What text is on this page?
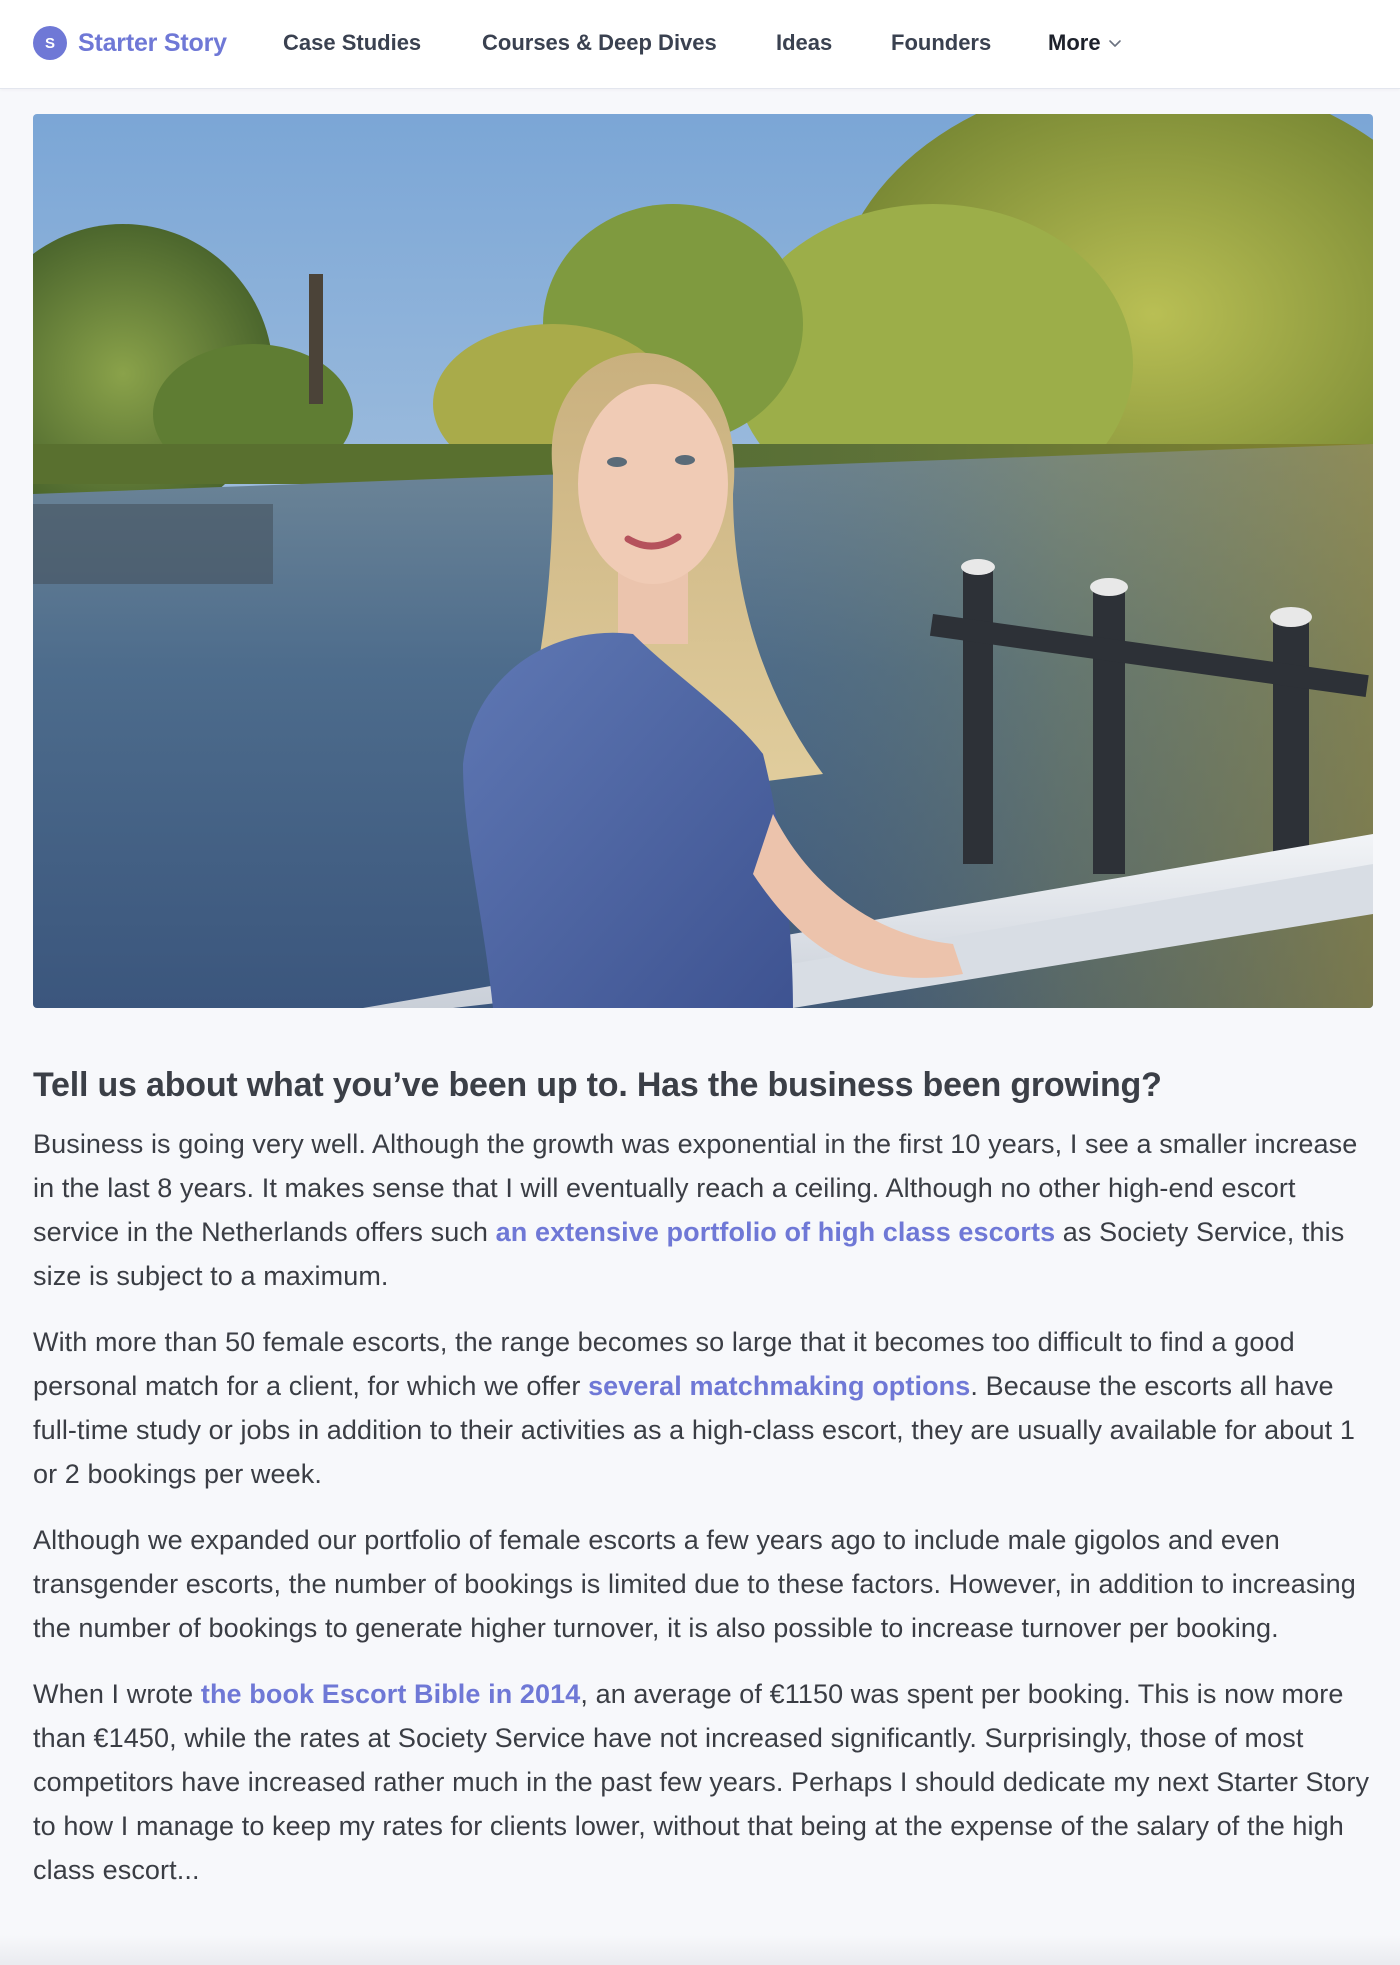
S Starter Story	Case Studies	Courses & Deep Dives	Ideas	Founders	More
Tell us about what you’ve been up to. Has the business been growing?

Business is going very well. Although the growth was exponential in the first 10 years, I see a smaller increase in the last 8 years. It makes sense that I will eventually reach a ceiling. Although no other high-end escort service in the Netherlands offers such an extensive portfolio of high class escorts as Society Service, this size is subject to a maximum.

With more than 50 female escorts, the range becomes so large that it becomes too difficult to find a good personal match for a client, for which we offer several matchmaking options. Because the escorts all have full-time study or jobs in addition to their activities as a high-class escort, they are usually available for about 1 or 2 bookings per week.

Although we expanded our portfolio of female escorts a few years ago to include male gigolos and even transgender escorts, the number of bookings is limited due to these factors. However, in addition to increasing the number of bookings to generate higher turnover, it is also possible to increase turnover per booking.

When I wrote the book Escort Bible in 2014, an average of €1150 was spent per booking. This is now more than €1450, while the rates at Society Service have not increased significantly. Surprisingly, those of most competitors have increased rather much in the past few years. Perhaps I should dedicate my next Starter Story to how I manage to keep my rates for clients lower, without that being at the expense of the salary of the high class escort...
